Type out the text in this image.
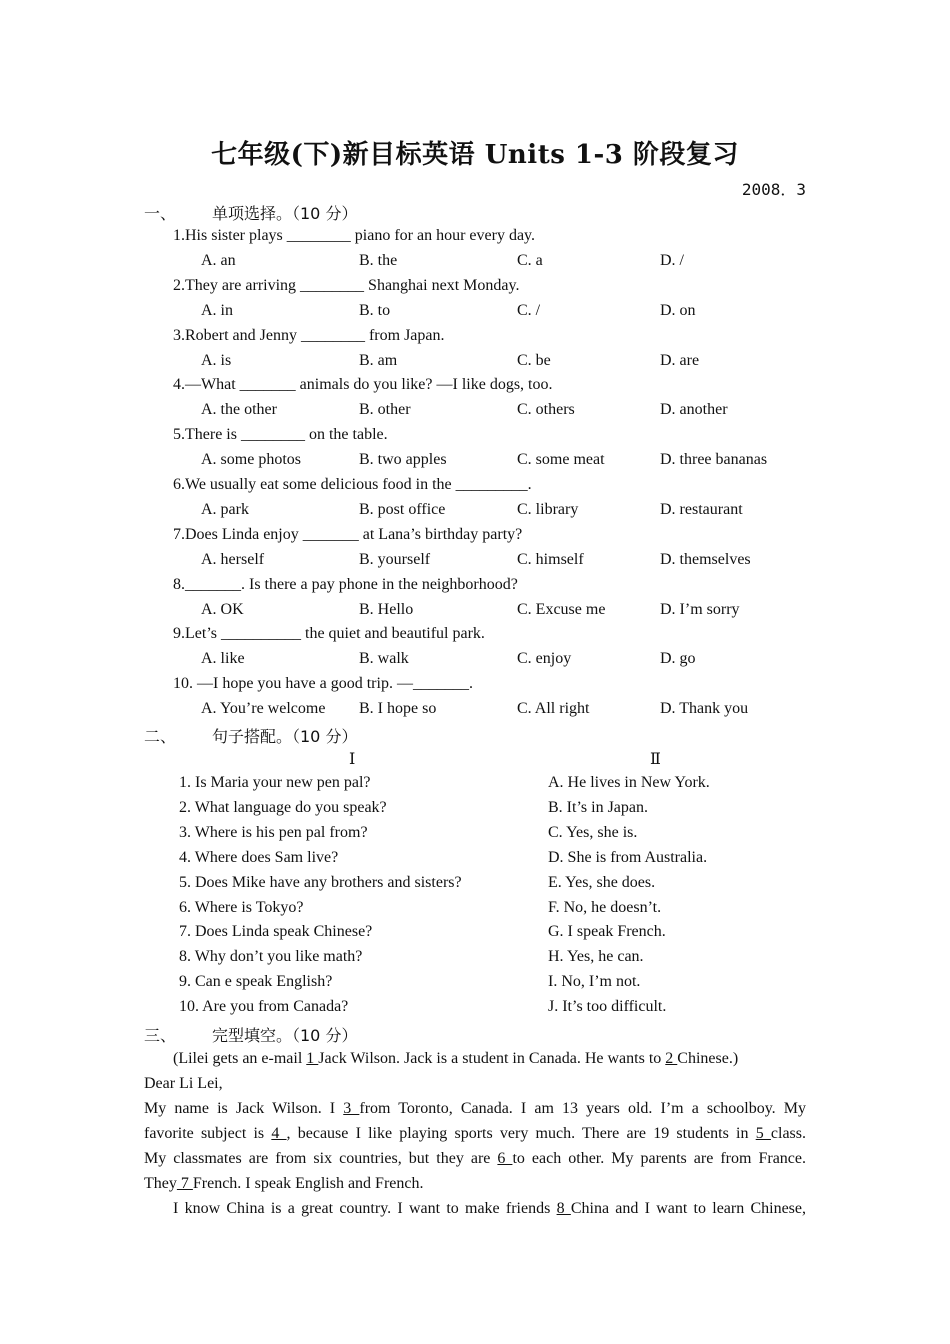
七年级(下)新目标英语 Units 1-3 阶段复习
2008．3
一、 单项选择。（10 分）
1.His sister plays ________ piano for an hour every day.
A. an	B. the	C. a	D. /
2.They are arriving ________ Shanghai next Monday.
A. in	B. to	C. /	D. on
3.Robert and Jenny ________ from Japan.
A. is	B. am	C. be	D. are
4.—What _______ animals do you like? —I like dogs, too.
A. the other	B. other	C. others	D. another
5.There is ________ on the table.
A. some photos	B. two apples	C. some meat	D. three bananas
6.We usually eat some delicious food in the _________.
A. park	B. post office	C. library	D. restaurant
7.Does Linda enjoy _______ at Lana’s birthday party?
A. herself	B. yourself	C. himself	D. themselves
8._______. Is there a pay phone in the neighborhood?
A. OK	B. Hello	C. Excuse me	D. I’m sorry
9.Let’s __________ the quiet and beautiful park.
A. like	B. walk	C. enjoy	D. go
10. —I hope you have a good trip. —_______.
A. You’re welcome B. I hope so	C. All right	D. Thank you
二、 句子搭配。（10 分）
Ⅰ	Ⅱ
1. Is Maria your new pen pal?	A. He lives in New York.
2. What language do you speak?	B. It’s in Japan.
3. Where is his pen pal from?	C. Yes, she is.
4. Where does Sam live?	D. She is from Australia.
5. Does Mike have any brothers and sisters?	E. Yes, she does.
6. Where is Tokyo?	F. No, he doesn’t.
7. Does Linda speak Chinese?	G. I speak French.
8. Why don’t you like math?	H. Yes, he can.
9. Can e speak English?	I. No, I’m not.
10. Are you from Canada?	J. It’s too difficult.
三、 完型填空。（10 分）
(Lilei gets an e-mail 1 Jack Wilson. Jack is a student in Canada. He wants to 2 Chinese.)
Dear Li Lei,
My name is Jack Wilson. I 3 from Toronto, Canada. I am 13 years old. I’m a schoolboy. My
favorite subject is 4 , because I like playing sports very much. There are 19 students in 5 class.
My classmates are from six countries, but they are 6 to each other. My parents are from France.
They 7 French. I speak English and French.
I know China is a great country. I want to make friends 8 China and I want to learn Chinese,
